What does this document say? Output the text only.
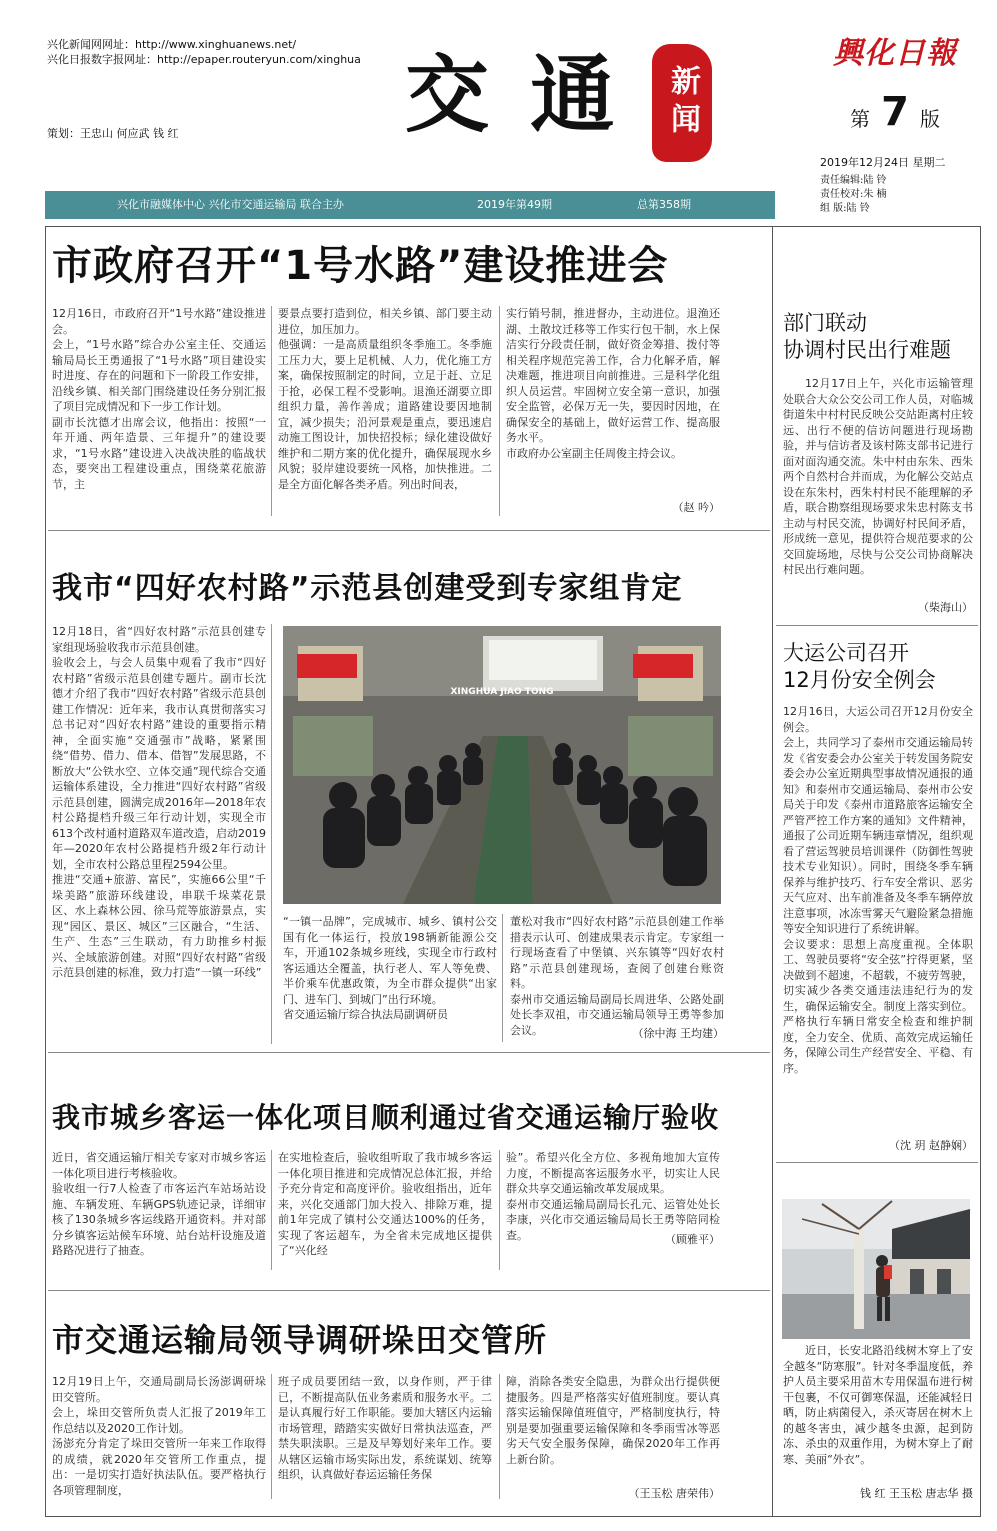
兴化新闻网网址：http://www.xinghuanews.net/
兴化日报数字报网址：http://epaper.routeryun.com/xinghua
策划：王忠山 何应武 钱 红	交 通	新闻
興化日報
第 7 版
2019年12月24日 星期二
责任编辑:陆 铃
责任校对:朱 楠
组 版:陆 铃
兴化市融媒体中心 兴化市交通运输局 联合主办	2019年第49期	总第358期
市政府召开“1号水路”建设推进会
12月16日，市政府召开“1号水路”建设推进会。
会上，“1号水路”综合办公室主任、交通运输局局长王勇通报了“1号水路”项目建设实时进度、存在的问题和下一阶段工作安排，沿线乡镇、相关部门围绕建设任务分别汇报了项目完成情况和下一步工作计划。
副市长沈德才出席会议，他指出：按照“一年开通、两年造景、三年提升”的建设要求，“1号水路”建设进入决战决胜的临战状态，要突出工程建设重点，围绕菜花旅游节，主
要景点要打造到位，相关乡镇、部门要主动进位，加压加力。
他强调：一是高质量组织冬季施工。冬季施工压力大，要上足机械、人力，优化施工方案，确保按照制定的时间，立足于赶、立足于抢，必保工程不受影响。退渔还湖要立即组织力量，善作善成；道路建设要因地制宜，减少损失；沿河景观是重点，要迅速启动施工图设计，加快招投标；绿化建设做好维护和二期方案的优化提升，确保展现水乡风貌；驳岸建设要统一风格，加快推进。二是全方面化解各类矛盾。列出时间表，
实行销号制，推进督办，主动进位。退渔还湖、土散坟迁移等工作实行包干制，水上保洁实行分段责任制，做好资金筹措、拨付等相关程序规范完善工作，合力化解矛盾，解决难题，推进项目向前推进。三是科学化组织人员运营。牢固树立安全第一意识，加强安全监管，必保万无一失，要因时因地，在确保安全的基础上，做好运营工作、提高服务水平。
市政府办公室副主任周俊主持会议。
（赵 吟）
我市“四好农村路”示范县创建受到专家组肯定
12月18日，省“四好农村路”示范县创建专家组现场验收我市示范县创建。
验收会上，与会人员集中观看了我市“四好农村路”省级示范县创建专题片。副市长沈德才介绍了我市“四好农村路”省级示范县创建工作情况：近年来，我市认真贯彻落实习总书记对“四好农村路”建设的重要指示精神，全面实施“交通强市”战略，紧紧围绕“借势、借力、借本、借智”发展思路，不断放大“公铁水空、立体交通”现代综合交通运输体系建设，全力推进“四好农村路”省级示范县创建，圆满完成2016年—2018年农村公路提档升级三年行动计划，实现全市613个改村通村道路双车道改造，启动2019年—2020年农村公路提档升级2年行动计划，全市农村公路总里程2594公里。
推进“交通+旅游、富民”，实施66公里“千垛美路”旅游环线建设，串联千垛菜花景区、水上森林公园、徐马荒等旅游景点，实现“园区、景区、城区”三区融合，“生活、生产、生态”三生联动，有力助推乡村振兴、全域旅游创建。对照“四好农村路”省级示范县创建的标准，致力打造“一镇一环线”
XINGHUA JIAO TONG
“一镇一品牌”，完成城市、城乡、镇村公交国有化一体运行，投放198辆新能源公交车，开通102条城乡班线，实现全市行政村客运通达全覆盖，执行老人、军人等免费、半价乘车优惠政策，为全市群众提供“出家门、进车门、到城门”出行环境。
省交通运输厅综合执法局副调研员
董松对我市“四好农村路”示范县创建工作举措表示认可、创建成果表示肯定。专家组一行现场查看了中堡镇、兴东镇等“四好农村路”示范县创建现场，查阅了创建台账资料。
泰州市交通运输局副局长周进华、公路处副处长李双祖，市交通运输局领导王勇等参加会议。	（徐中海 王均建）
我市城乡客运一体化项目顺利通过省交通运输厅验收
近日，省交通运输厅相关专家对市城乡客运一体化项目进行考核验收。
验收组一行7人检查了市客运汽车站场站设施、车辆发班、车辆GPS轨迹记录，详细审核了130条城乡客运线路开通资料。并对部分乡镇客运站候车环境、站台站杆设施及道路路况进行了抽查。
在实地检查后，验收组听取了我市城乡客运一体化项目推进和完成情况总体汇报，并给予充分肯定和高度评价。验收组指出，近年来，兴化交通部门加大投入、排除万难，提前1年完成了镇村公交通达100%的任务，实现了客运超车，为全省未完成地区提供了“兴化经
验”。希望兴化全方位、多视角地加大宣传力度，不断提高客运服务水平，切实让人民群众共享交通运输改革发展成果。
泰州市交通运输局副局长孔元、运管处处长李康，兴化市交通运输局局长王勇等陪同检查。	（顾雅平）
市交通运输局领导调研垛田交管所
12月19日上午，交通局副局长汤澎调研垛田交管所。
会上，垛田交管所负责人汇报了2019年工作总结以及2020工作计划。
汤澎充分肯定了垛田交管所一年来工作取得的成绩，就2020年交管所工作重点，提出：一是切实打造好执法队伍。要严格执行各项管理制度，
班子成员要团结一致，以身作则，严于律已，不断提高队伍业务素质和服务水平。二是认真履行好工作职能。要加大辖区内运输市场管理，踏踏实实做好日常执法巡查，严禁失职渎职。三是及早筹划好来年工作。要从辖区运输市场实际出发，系统谋划、统筹组织，认真做好春运运输任务保
障，消除各类安全隐患，为群众出行提供便捷服务。四是严格落实好值班制度。要认真落实运输保障值班值守，严格制度执行，特别是要加强重要运输保障和冬季雨雪冰等恶劣天气安全服务保障，确保2020年工作再上新台阶。
（王玉松 唐荣伟）
部门联动
协调村民出行难题
12月17日上午，兴化市运输管理处联合大众公交公司工作人员，对临城街道朱中村村民反映公交站距离村庄较远、出行不便的信访问题进行现场勘验，并与信访者及该村陈支部书记进行面对面沟通交流。朱中村由东朱、西朱两个自然村合并而成，为化解公交站点设在东朱村，西朱村村民不能理解的矛盾，联合勘察组现场要求朱忠村陈支书主动与村民交流，协调好村民间矛盾，形成统一意见，提供符合规范要求的公交回旋场地，尽快与公交公司协商解决村民出行难问题。
（柴海山）
大运公司召开
12月份安全例会
12月16日，大运公司召开12月份安全例会。
会上，共同学习了泰州市交通运输局转发《省安委会办公室关于转发国务院安委会办公室近期典型事故情况通报的通知》和泰州市交通运输局、泰州市公安局关于印发《泰州市道路旅客运输安全严管严控工作方案的通知》文件精神，通报了公司近期车辆违章情况，组织观看了营运驾驶员培训课件（防御性驾驶技术专业知识）。同时，围绕冬季车辆保养与维护技巧、行车安全常识、恶劣天气应对、出车前准备及冬季车辆停放注意事项，冰冻雪雾天气避险紧急措施等安全知识进行了系统讲解。
会议要求：思想上高度重视。全体职工、驾驶员要将“安全弦”拧得更紧，坚决做到不超速，不超载，不疲劳驾驶，切实减少各类交通违法违纪行为的发生，确保运输安全。制度上落实到位。严格执行车辆日常安全检查和维护制度，全力安全、优质、高效完成运输任务，保障公司生产经营安全、平稳、有序。
（沈 玥 赵静娴）
近日，长安北路沿线树木穿上了安全越冬“防寒服”。针对冬季温度低，养护人员主要采用苗木专用保温布进行树干包裹，不仅可御寒保温，还能减轻日晒，防止病菌侵入，杀灭寄居在树木上的越冬害虫，减少越冬虫源，起到防冻、杀虫的双重作用，为树木穿上了耐寒、美丽“外衣”。
钱 红 王玉松 唐志华 摄
